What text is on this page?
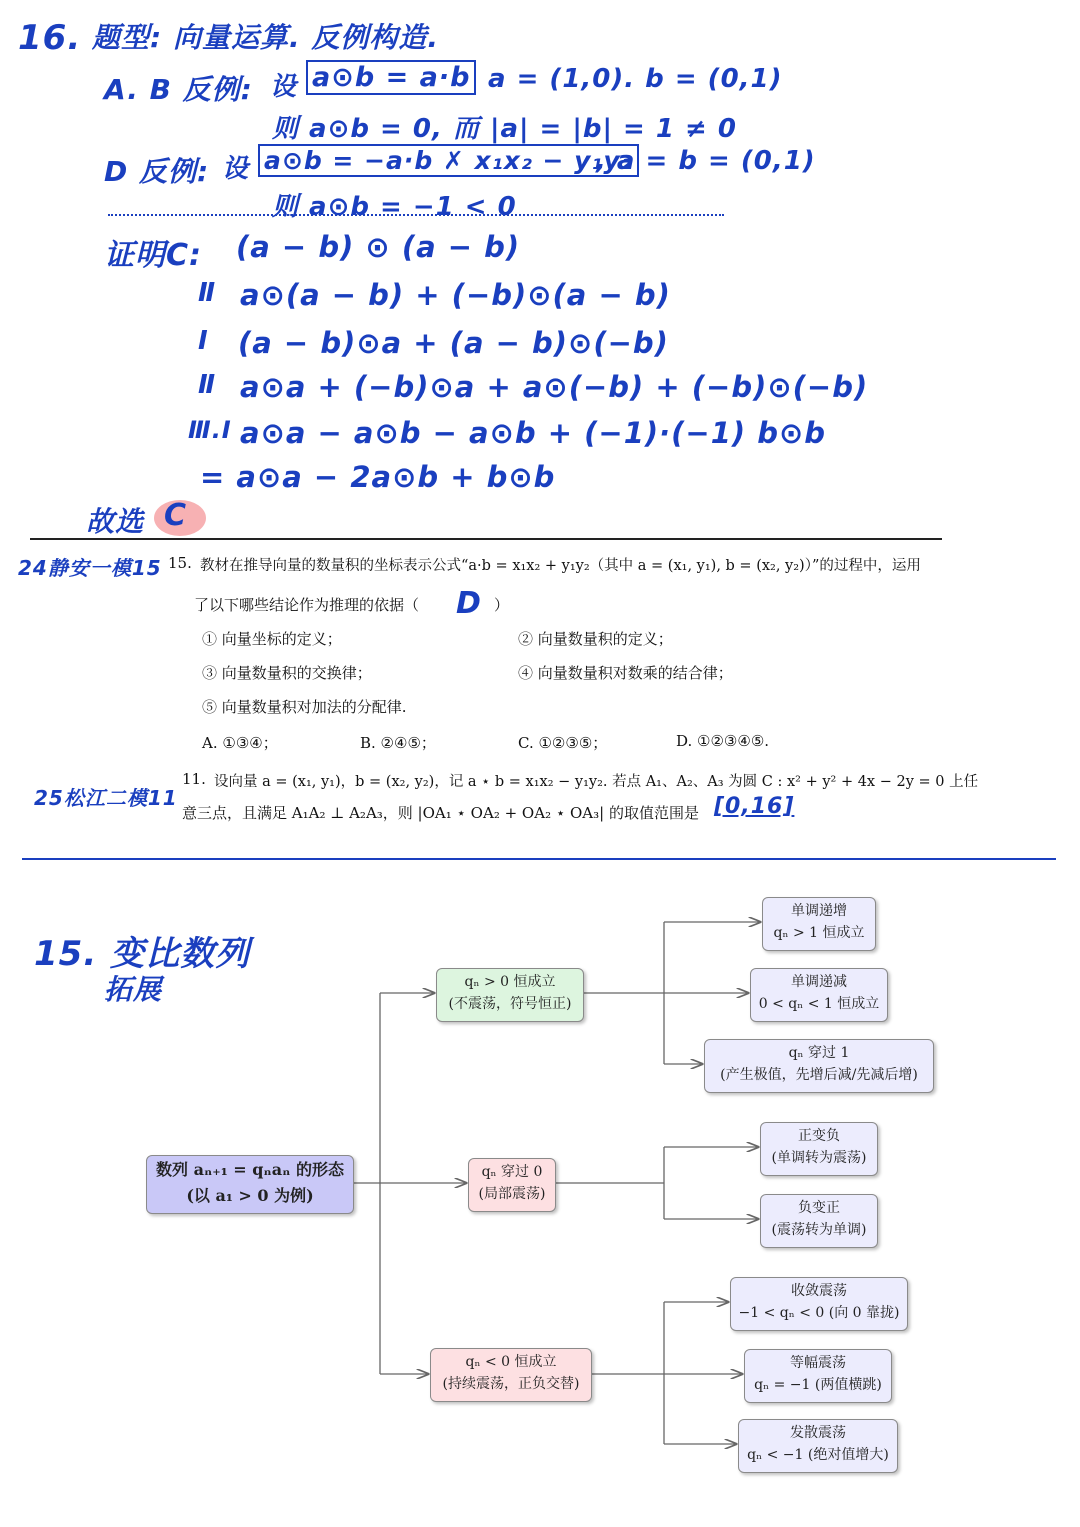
16. 题型: 向量运算. 反例构造.
A. B 反例: 设 a⊙b = a·b a = (1,0). b = (0,1)
则 a⊙b = 0, 而 |a| = |b| = 1 ≠ 0
D 反例: 设 a⊙b = −a·b ✗ x₁x₂ − y₁y₂
, a = b = (0,1)
则 a⊙b = −1 < 0
证明C: (a − b) ⊙ (a − b)
Ⅱ a⊙(a − b) + (−b)⊙(a − b)
Ⅰ (a − b)⊙a + (a − b)⊙(−b)
Ⅱ a⊙a + (−b)⊙a + a⊙(−b) + (−b)⊙(−b)
Ⅲ.Ⅰ a⊙a − a⊙b − a⊙b + (−1)·(−1) b⊙b
= a⊙a − 2a⊙b + b⊙b
故选 C
24静安一模15 15. 教材在推导向量的数量积的坐标表示公式“a·b = x₁x₂ + y₁y₂（其中 a = (x₁, y₁), b = (x₂, y₂)）”的过程中，运用
了以下哪些结论作为推理的依据（ D ）
① 向量坐标的定义；	② 向量数量积的定义；
③ 向量数量积的交换律；	④ 向量数量积对数乘的结合律；
⑤ 向量数量积对加法的分配律.
A. ①③④；	B. ②④⑤；	C. ①②③⑤；	D. ①②③④⑤.
25松江二模11
11. 设向量 a = (x₁, y₁)，b = (x₂, y₂)，记 a ⋆ b = x₁x₂ − y₁y₂. 若点 A₁、A₂、A₃ 为圆 C : x² + y² + 4x − 2y = 0 上任
意三点，且满足 A₁A₂ ⊥ A₂A₃，则 |OA₁ ⋆ OA₂ + OA₂ ⋆ OA₃| 的取值范围是 [0,16]
15. 变比数列
拓展
数列 aₙ₊₁ = qₙaₙ 的形态
(以 a₁ > 0 为例)
qₙ > 0 恒成立
(不震荡，符号恒正)
qₙ 穿过 0
(局部震荡)
qₙ < 0 恒成立
(持续震荡，正负交替)
单调递增
qₙ > 1 恒成立
单调递减
0 < qₙ < 1 恒成立
qₙ 穿过 1
(产生极值，先增后减/先减后增)
正变负
(单调转为震荡)
负变正
(震荡转为单调)
收敛震荡
−1 < qₙ < 0 (向 0 靠拢)
等幅震荡
qₙ = −1 (两值横跳)
发散震荡
qₙ < −1 (绝对值增大)
